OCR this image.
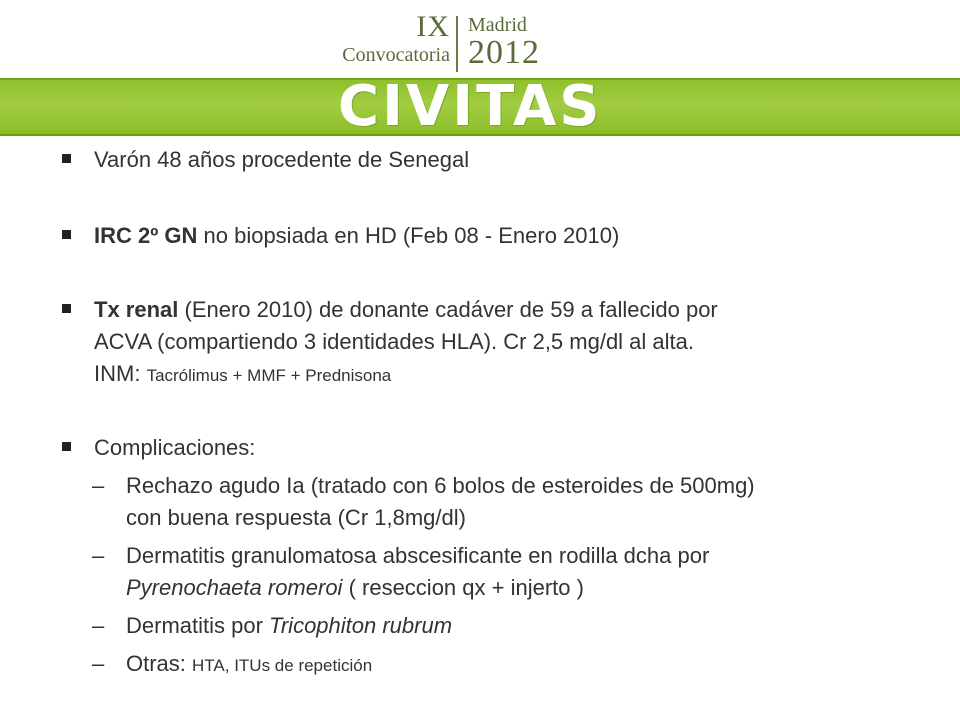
IX
Convocatoria
Madrid
2012
CIVITAS
Varón 48 años procedente de Senegal
IRC 2º GN no biopsiada en HD (Feb 08 - Enero 2010)
Tx renal (Enero 2010) de donante cadáver de 59 a fallecido por
ACVA (compartiendo 3 identidades HLA). Cr 2,5 mg/dl al alta.
INM: Tacrólimus + MMF + Prednisona
Complicaciones:
– Rechazo agudo Ia (tratado con 6 bolos de esteroides de 500mg)
con buena respuesta (Cr 1,8mg/dl)
– Dermatitis granulomatosa abscesificante en rodilla dcha por
Pyrenochaeta romeroi ( reseccion qx + injerto )
– Dermatitis por Tricophiton rubrum
– Otras: HTA, ITUs de repetición
